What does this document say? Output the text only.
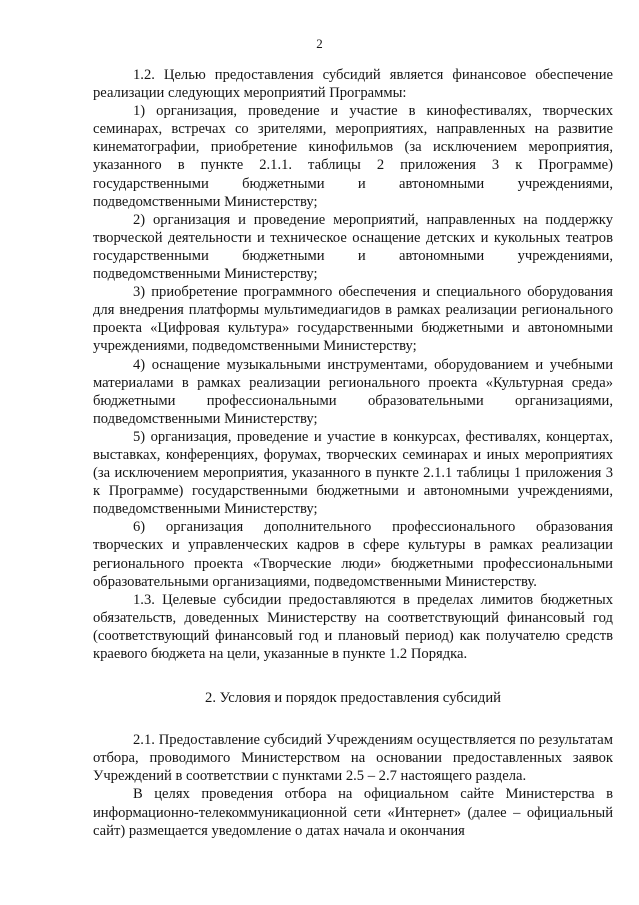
2

1.2. Целью предоставления субсидий является финансовое обеспечение реализации следующих мероприятий Программы:

1) организация, проведение и участие в кинофестивалях, творческих семинарах, встречах со зрителями, мероприятиях, направленных на развитие кинематографии, приобретение кинофильмов (за исключением мероприятия, указанного в пункте 2.1.1. таблицы 2 приложения 3 к Программе) государственными бюджетными и автономными учреждениями, подведомственными Министерству;

2) организация и проведение мероприятий, направленных на поддержку творческой деятельности и техническое оснащение детских и кукольных театров государственными бюджетными и автономными учреждениями, подведомственными Министерству;

3) приобретение программного обеспечения и специального оборудования для внедрения платформы мультимедиагидов в рамках реализации регионального проекта «Цифровая культура» государственными бюджетными и автономными учреждениями, подведомственными Министерству;

4) оснащение музыкальными инструментами, оборудованием и учебными материалами в рамках реализации регионального проекта «Культурная среда» бюджетными профессиональными образовательными организациями, подведомственными Министерству;

5) организация, проведение и участие в конкурсах, фестивалях, концертах, выставках, конференциях, форумах, творческих семинарах и иных мероприятиях (за исключением мероприятия, указанного в пункте 2.1.1 таблицы 1 приложения 3 к Программе) государственными бюджетными и автономными учреждениями, подведомственными Министерству;

6) организация дополнительного профессионального образования творческих и управленческих кадров в сфере культуры в рамках реализации регионального проекта «Творческие люди» бюджетными профессиональными образовательными организациями, подведомственными Министерству.

1.3. Целевые субсидии предоставляются в пределах лимитов бюджетных обязательств, доведенных Министерству на соответствующий финансовый год (соответствующий финансовый год и плановый период) как получателю средств краевого бюджета на цели, указанные в пункте 1.2 Порядка.

2. Условия и порядок предоставления субсидий

2.1. Предоставление субсидий Учреждениям осуществляется по результатам отбора, проводимого Министерством на основании предоставленных заявок Учреждений в соответствии с пунктами 2.5 – 2.7 настоящего раздела.

В целях проведения отбора на официальном сайте Министерства в информационно-телекоммуникационной сети «Интернет» (далее – официальный сайт) размещается уведомление о датах начала и окончания
